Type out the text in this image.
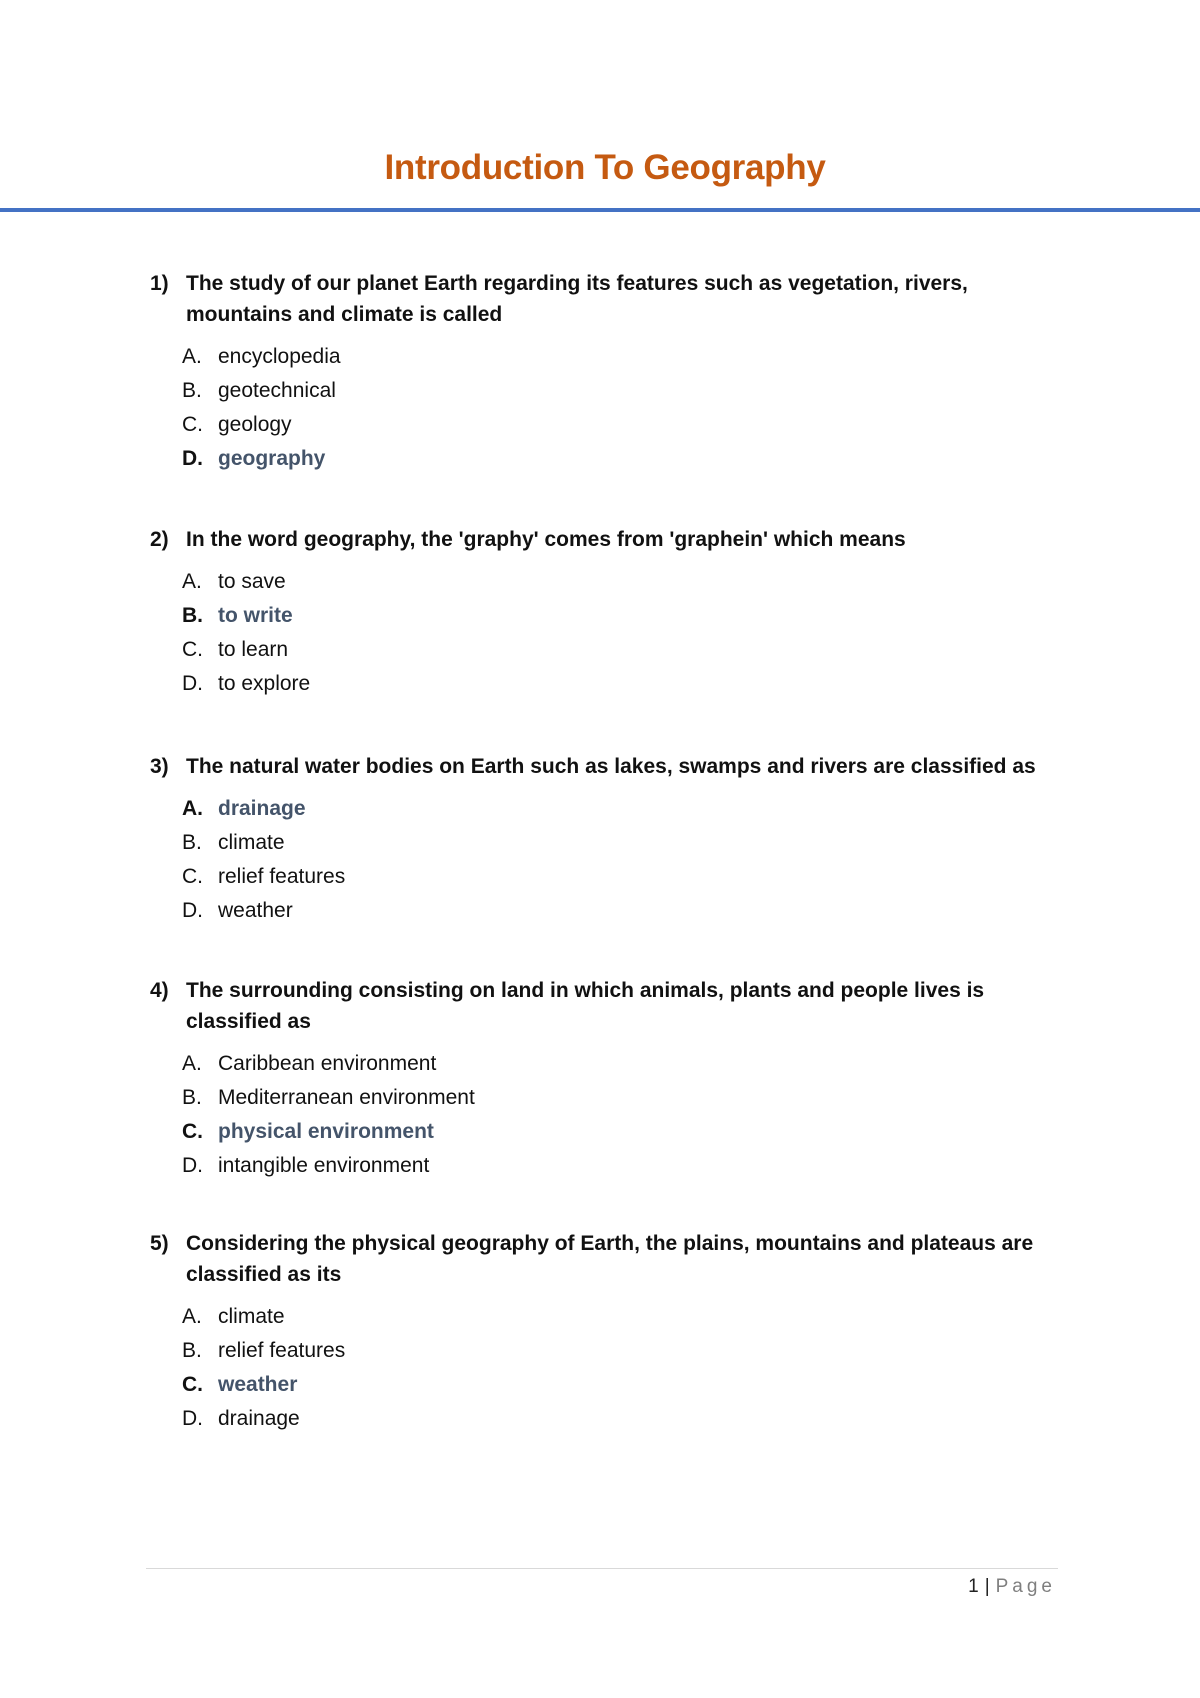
Introduction To Geography
1) The study of our planet Earth regarding its features such as vegetation, rivers, mountains and climate is called
A. encyclopedia
B. geotechnical
C. geology
D. geography
2) In the word geography, the 'graphy' comes from 'graphein' which means
A. to save
B. to write
C. to learn
D. to explore
3) The natural water bodies on Earth such as lakes, swamps and rivers are classified as
A. drainage
B. climate
C. relief features
D. weather
4) The surrounding consisting on land in which animals, plants and people lives is classified as
A. Caribbean environment
B. Mediterranean environment
C. physical environment
D. intangible environment
5) Considering the physical geography of Earth, the plains, mountains and plateaus are classified as its
A. climate
B. relief features
C. weather
D. drainage
1 | Page
